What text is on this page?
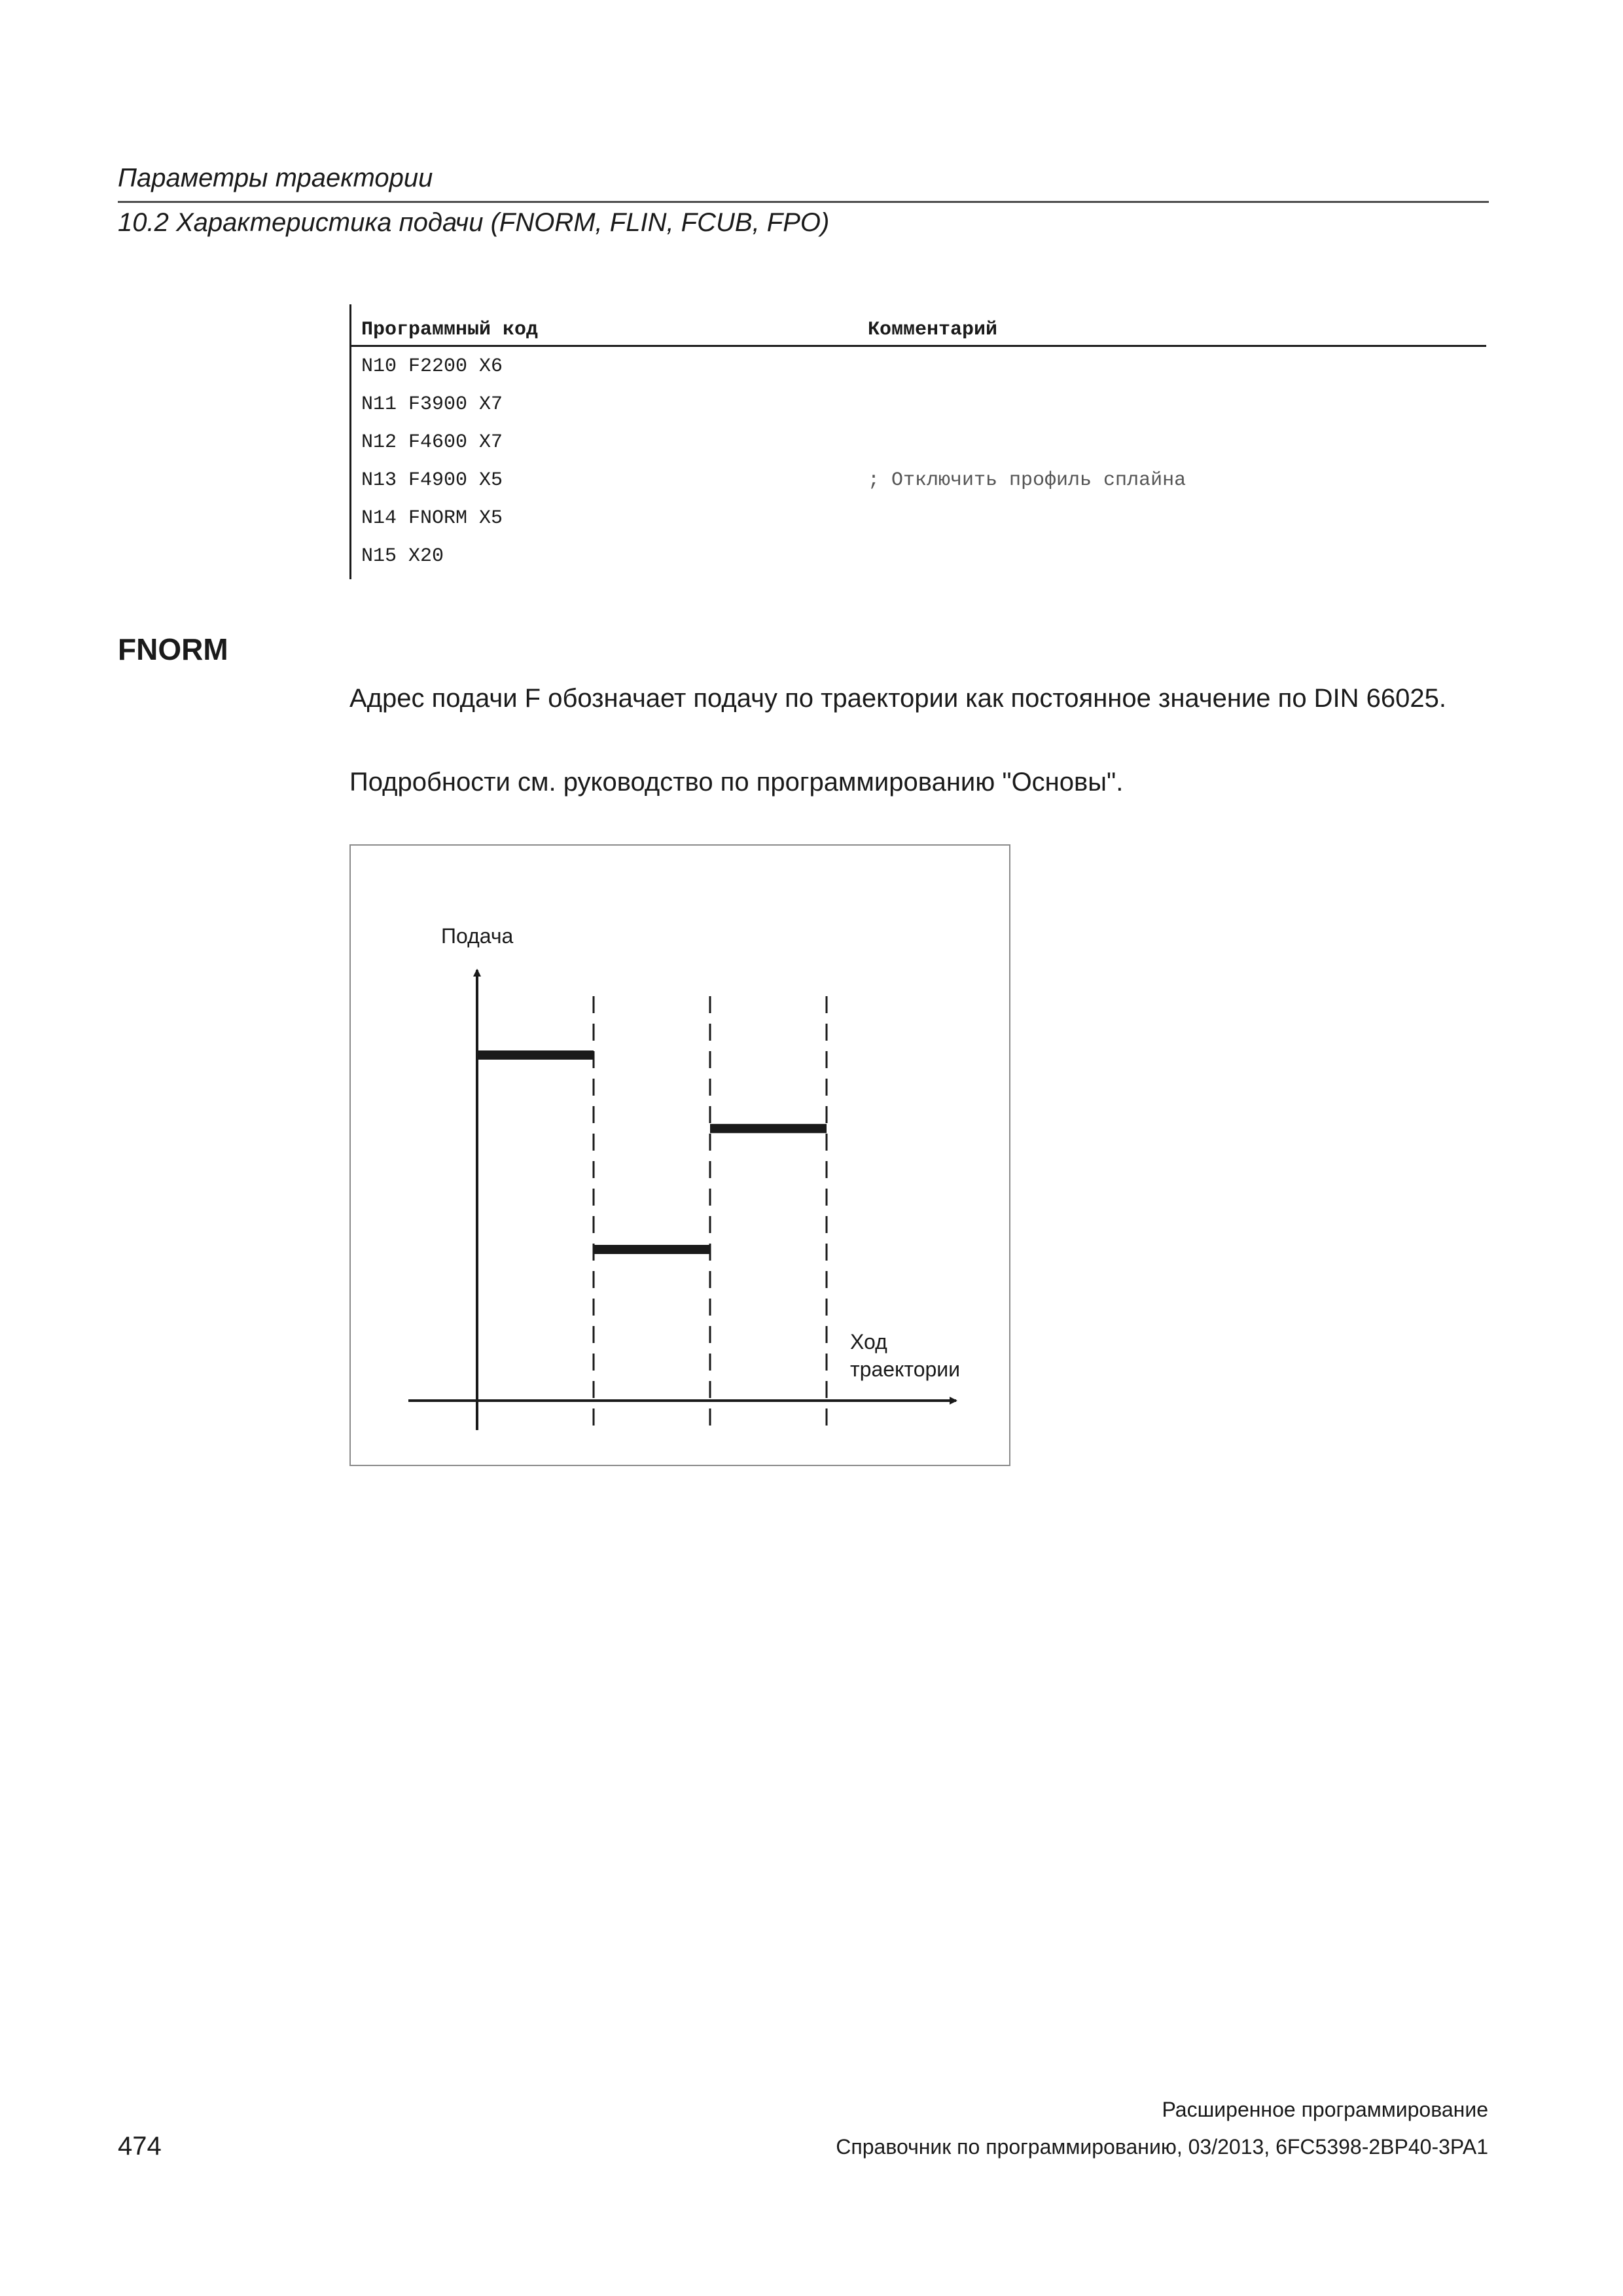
Параметры траектории
10.2 Характеристика подачи (FNORM, FLIN, FCUB, FPO)
Программный код	Комментарий
N10 F2200 X6
N11 F3900 X7
N12 F4600 X7
N13 F4900 X5	; Отключить профиль сплайна
N14 FNORM X5
N15 X20
FNORM
Адрес подачи F обозначает подачу по траектории как постоянное значение по DIN 66025.
Подробности см. руководство по программированию "Основы".
Подача
Ход
траектории
Расширенное программирование
474	Справочник по программированию, 03/2013, 6FC5398-2BP40-3PA1
